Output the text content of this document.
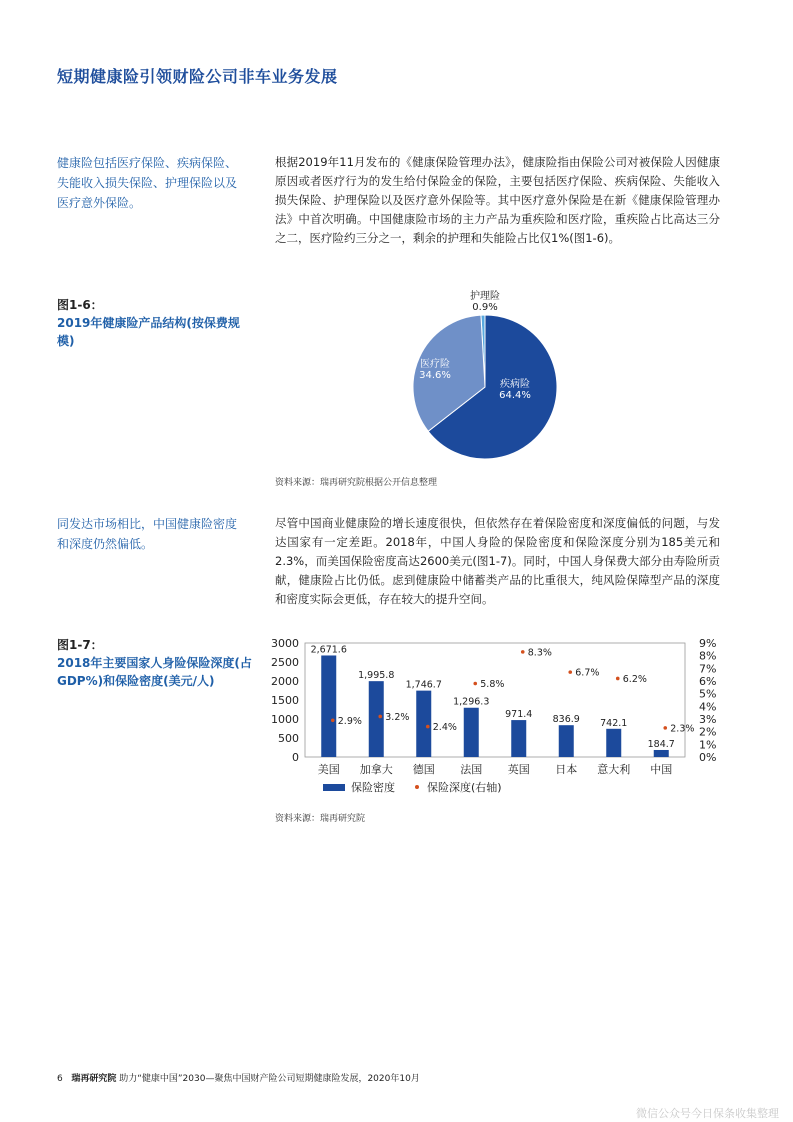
短期健康险引领财险公司非车业务发展
健康险包括医疗保险、疾病保险、失能收入损失保险、护理保险以及医疗意外保险。
根据2019年11月发布的《健康保险管理办法》，健康险指由保险公司对被保险人因健康原因或者医疗行为的发生给付保险金的保险，主要包括医疗保险、疾病保险、失能收入损失保险、护理保险以及医疗意外保险等。其中医疗意外保险是在新《健康保险管理办法》中首次明确。中国健康险市场的主力产品为重疾险和医疗险，重疾险占比高达三分之二，医疗险约三分之一，剩余的护理和失能险占比仅1%(图1-6)。
图1-6：
2019年健康险产品结构(按保费规模)
疾病险
64.4%
医疗险
34.6%
护理险
0.9%
资料来源：瑞再研究院根据公开信息整理
同发达市场相比，中国健康险密度和深度仍然偏低。
尽管中国商业健康险的增长速度很快，但依然存在着保险密度和深度偏低的问题，与发达国家有一定差距。2018年，中国人身险的保险密度和保险深度分别为185美元和2.3%，而美国保险密度高达2600美元(图1-7)。同时，中国人身保费大部分由寿险所贡献，健康险占比仍低。虑到健康险中储蓄类产品的比重很大，纯风险保障型产品的深度和密度实际会更低，存在较大的提升空间。
图1-7：
2018年主要国家人身险保险深度(占GDP%)和保险密度(美元/人)
3000
2500
2000
1500
1000
500
0
9%
8%
7%
6%
5%
4%
3%
2%
1%
0%
2,671.6
美国
1,995.8
加拿大
1,746.7
德国
1,296.3
法国
971.4
英国
836.9
日本
742.1
意大利
184.7
中国
2.9% 3.2%
2.4%
5.8%
8.3%
6.7%
6.2%
2.3%
保险密度	保险深度(右轴)
资料来源：瑞再研究院
6 瑞再研究院 助力“健康中国”2030—聚焦中国财产险公司短期健康险发展，2020年10月
微信公众号今日保条收集整理
